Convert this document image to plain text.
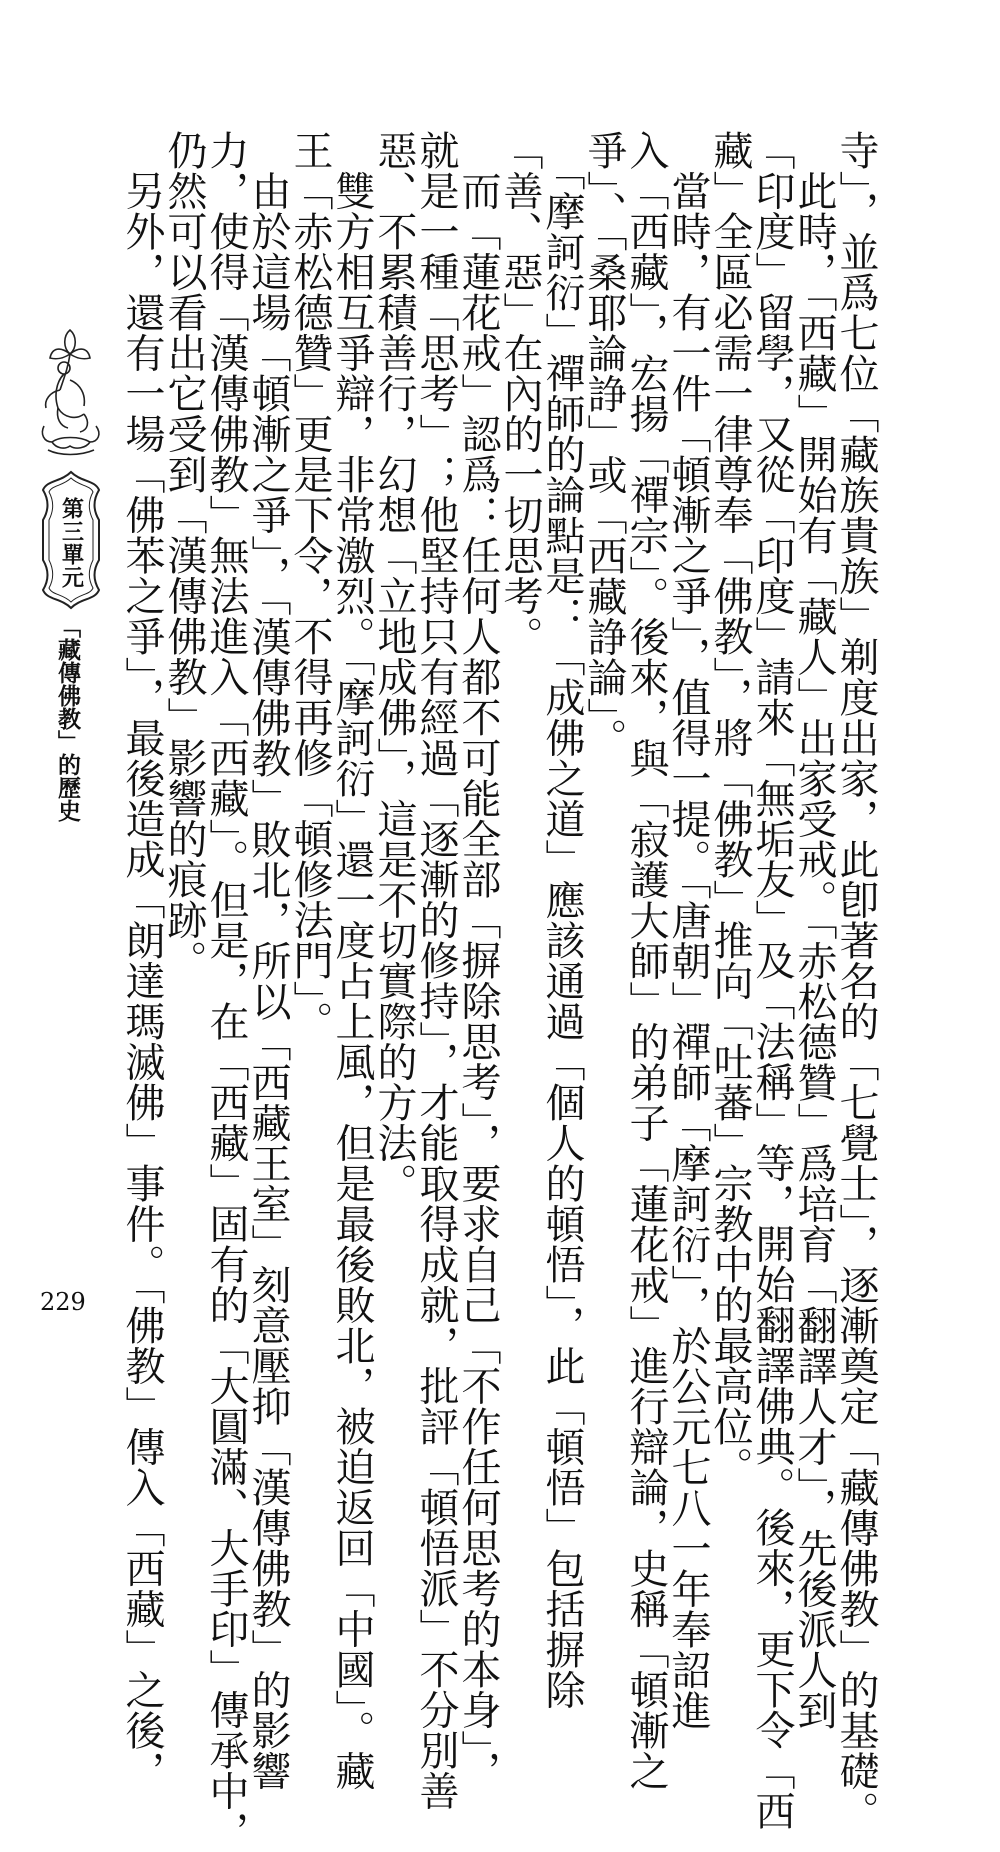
寺」，並爲七位「藏族貴族」剃度出家，此卽著名的「七覺士」，逐漸奠定「藏傳佛教」的基礎。
　此時，「西藏」開始有「藏人」出家受戒。「赤松德贊」爲培育「翻譯人才」，先後派人到
「印度」留學，又從「印度」請來「無垢友」及「法稱」等，開始翻譯佛典。後來，更下令「西
藏」全區必需一律尊奉「佛教」，將「佛教」推向「吐蕃」宗教中的最高位。
　當時，有一件「頓漸之爭」，值得一提。「唐朝」禪師「摩訶衍」，於公元七八一年奉詔進
入「西藏」，宏揚「禪宗」。後來，與「寂護大師」的弟子「蓮花戒」進行辯論，史稱「頓漸之
爭」、「桑耶論諍」或「西藏諍論」。
　「摩訶衍」禪師的論點是：「成佛之道」應該通過「個人的頓悟」，此「頓悟」包括摒除
「善、惡」在內的一切思考。
　而「蓮花戒」認爲：任何人都不可能全部「摒除思考」，要求自己「不作任何思考的本身」，
就是一種「思考」；他堅持只有經過「逐漸的修持」，才能取得成就，批評「頓悟派」不分別善
惡、不累積善行，幻想「立地成佛」，這是不切實際的方法。
　雙方相互爭辯，非常激烈。「摩訶衍」還一度占上風，但是最後敗北，被迫返回「中國」。藏
王「赤松德贊」更是下令，不得再修「頓修法門」。
　由於這場「頓漸之爭」，「漢傳佛教」敗北，所以「西藏王室」刻意壓抑「漢傳佛教」的影響
力，使得「漢傳佛教」無法進入「西藏」。但是，在「西藏」固有的「大圓滿、大手印」傳承中，
仍然可以看出它受到「漢傳佛教」影響的痕跡。
　另外，還有一場「佛苯之爭」，最後造成「朗達瑪滅佛」事件。「佛教」傳入「西藏」之後，
第三單元
「藏傳佛教」的歷史
229
